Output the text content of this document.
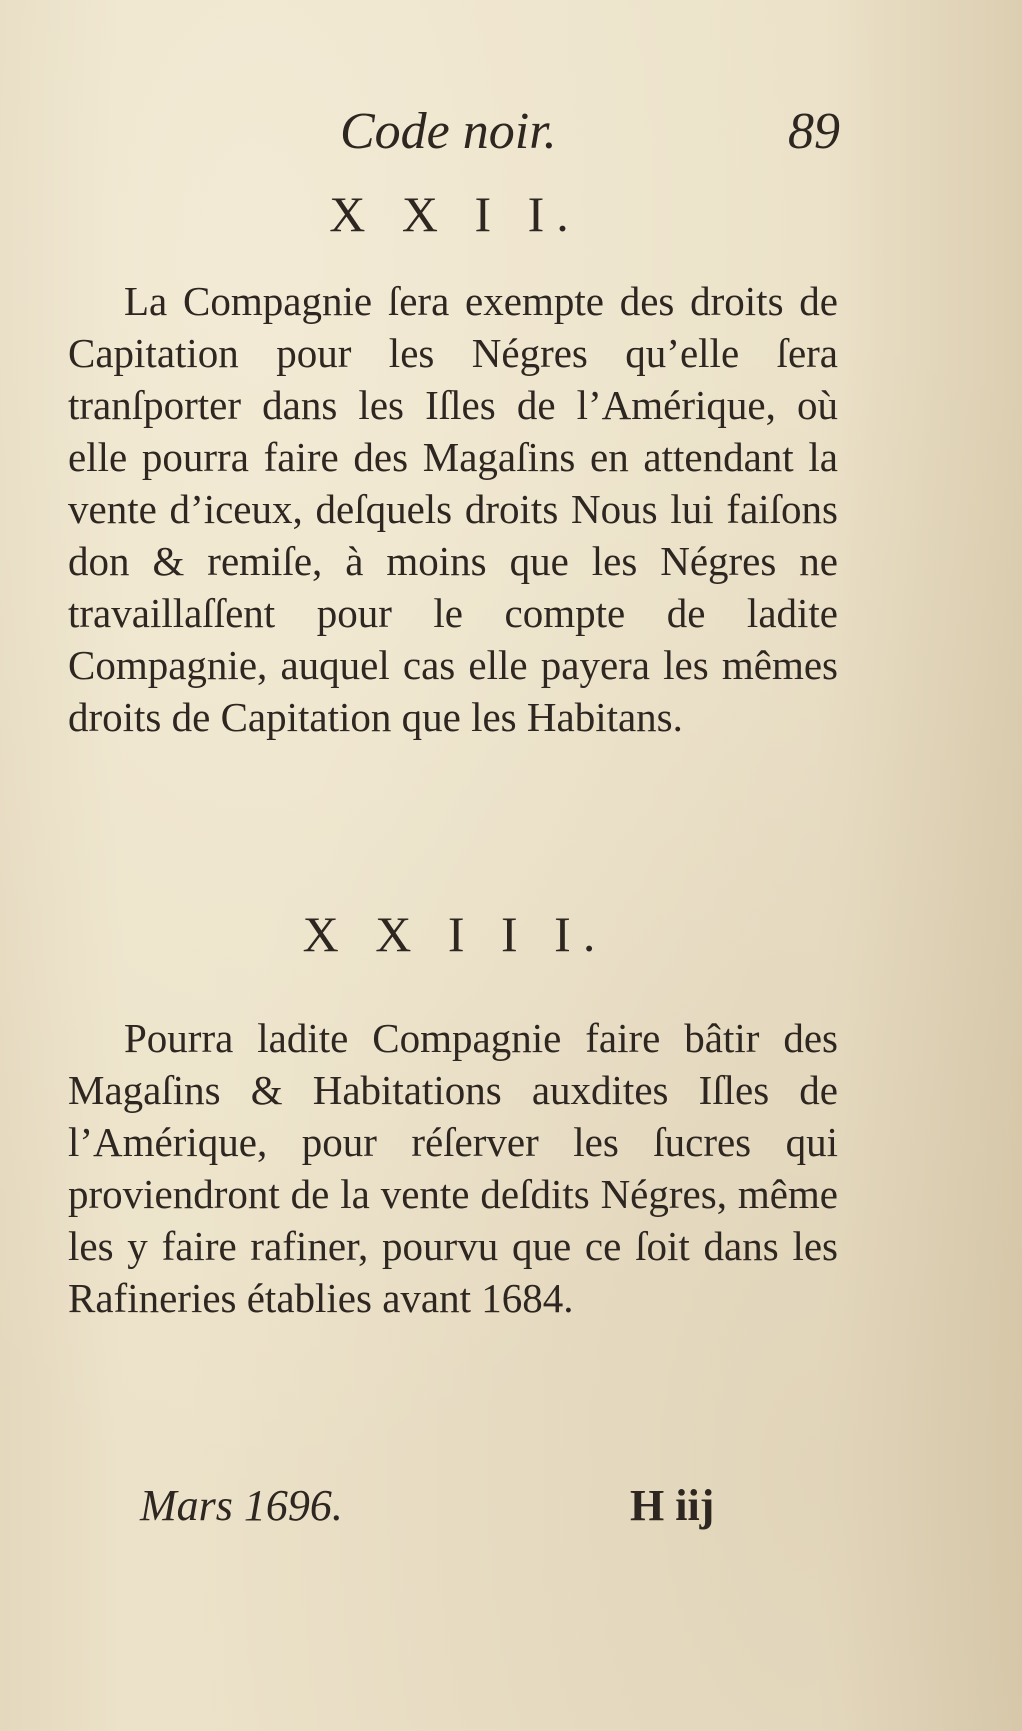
Code noir.	89
X X I I.

La Compagnie ſera exempte des droits de Capitation pour les Négres qu’elle ſera tranſporter dans les Iſles de l’Amérique, où elle pourra faire des Magaſins en attendant la vente d’iceux, deſquels droits Nous lui faiſons don & remiſe, à moins que les Négres ne travaillaſſent pour le compte de ladite Compagnie, auquel cas elle payera les mêmes droits de Capitation que les Habitans.

X X I I I.

Pourra ladite Compagnie faire bâtir des Magaſins & Habitations auxdites Iſles de l’Amérique, pour réſerver les ſucres qui proviendront de la vente deſdits Négres, même les y faire rafiner, pourvu que ce ſoit dans les Rafineries établies avant 1684.

Mars 1696.	H iij
